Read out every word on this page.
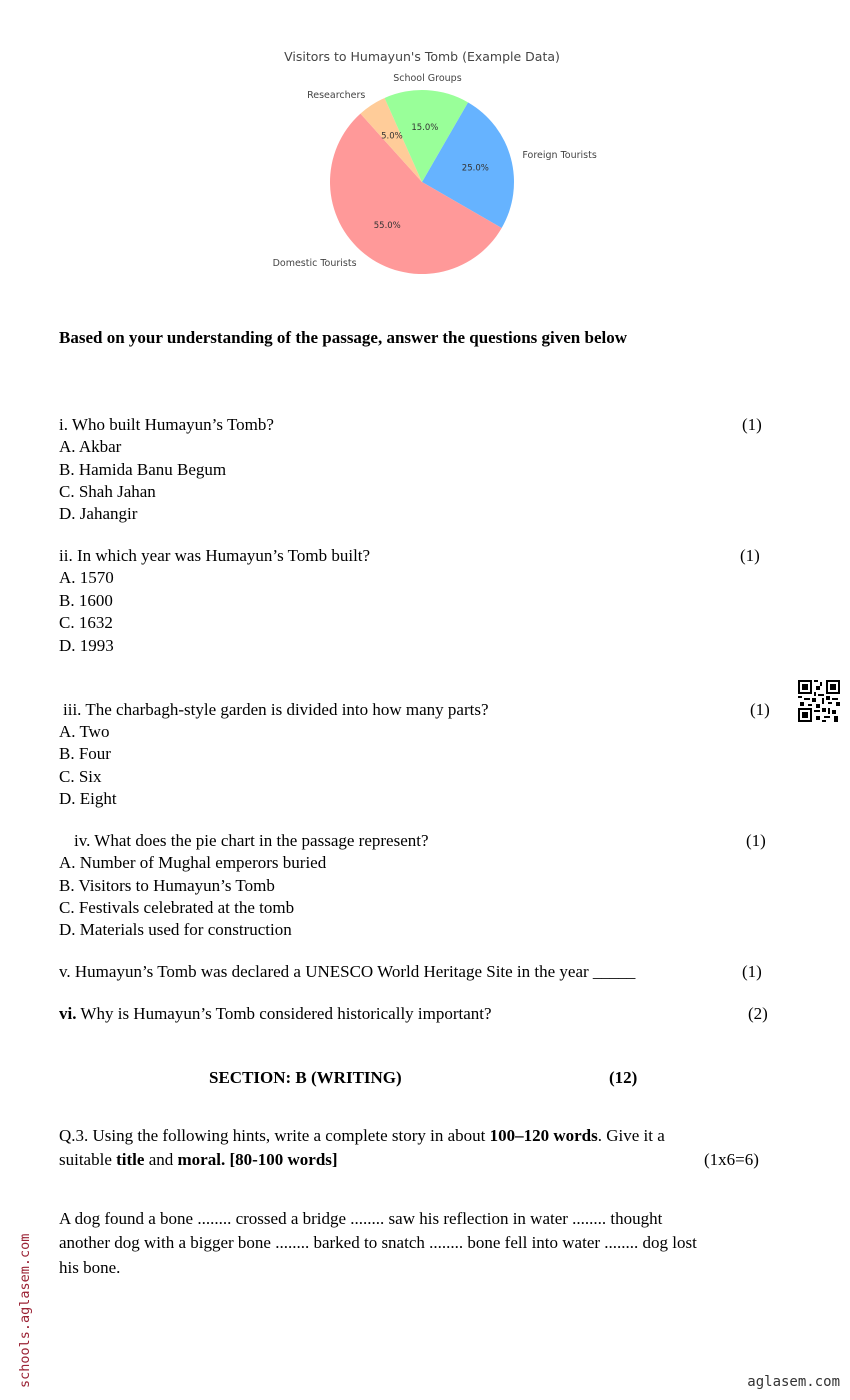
Visitors to Humayun's Tomb (Example Data)
25.0%
Foreign Tourists
55.0%
Domestic Tourists
5.0%
Researchers
15.0%
School Groups
Based on your understanding of the passage, answer the questions given below
i. Who built Humayun’s Tomb?	(1)
A. Akbar
B. Hamida Banu Begum
C. Shah Jahan
D. Jahangir
ii. In which year was Humayun’s Tomb built?	(1)
A. 1570
B. 1600
C. 1632
D. 1993
iii. The charbagh-style garden is divided into how many parts?	(1)
A. Two
B. Four
C. Six
D. Eight
iv. What does the pie chart in the passage represent?	(1)
A. Number of Mughal emperors buried
B. Visitors to Humayun’s Tomb
C. Festivals celebrated at the tomb
D. Materials used for construction
v. Humayun’s Tomb was declared a UNESCO World Heritage Site in the year _____	(1)
vi. Why is Humayun’s Tomb considered historically important?	(2)
SECTION: B (WRITING)	(12)
Q.3. Using the following hints, write a complete story in about 100–120 words. Give it a
suitable title and moral. [80-100 words]	(1x6=6)
A dog found a bone ........ crossed a bridge ........ saw his reflection in water ........ thought
another dog with a bigger bone ........ barked to snatch ........ bone fell into water ........ dog lost
his bone.
schools.aglasem.com	aglasem.com
